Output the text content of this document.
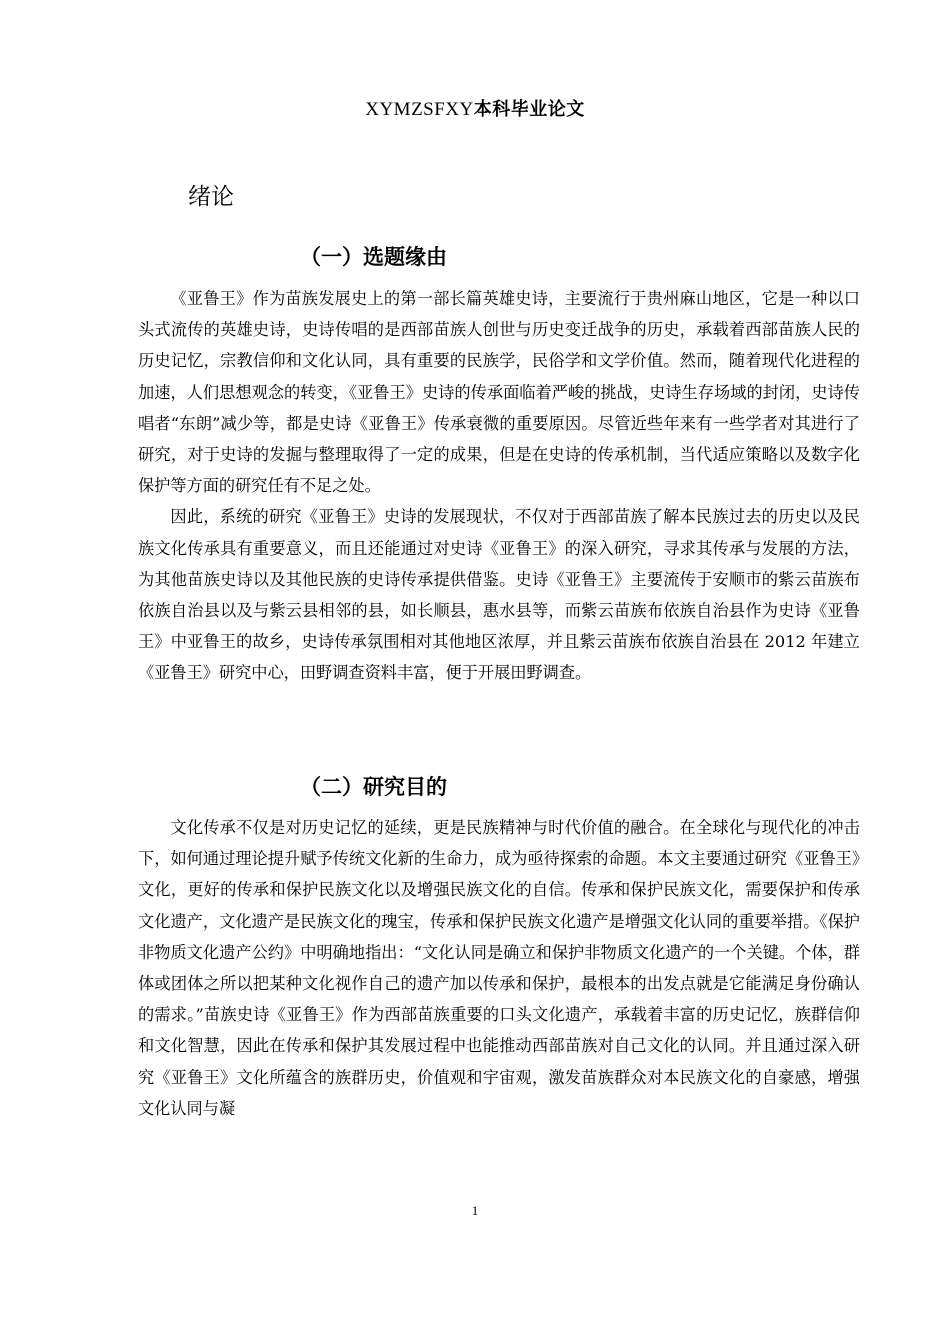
XYMZSFXY本科毕业论文
绪论
（一）选题缘由

《亚鲁王》作为苗族发展史上的第一部长篇英雄史诗，主要流行于贵州麻山地区，它是一种以口头式流传的英雄史诗，史诗传唱的是西部苗族人创世与历史变迁战争的历史，承载着西部苗族人民的历史记忆，宗教信仰和文化认同，具有重要的民族学，民俗学和文学价值。然而，随着现代化进程的加速，人们思想观念的转变，《亚鲁王》史诗的传承面临着严峻的挑战，史诗生存场域的封闭，史诗传唱者“东朗”减少等，都是史诗《亚鲁王》传承衰微的重要原因。尽管近些年来有一些学者对其进行了研究，对于史诗的发掘与整理取得了一定的成果，但是在史诗的传承机制，当代适应策略以及数字化保护等方面的研究任有不足之处。

因此，系统的研究《亚鲁王》史诗的发展现状，不仅对于西部苗族了解本民族过去的历史以及民族文化传承具有重要意义，而且还能通过对史诗《亚鲁王》的深入研究，寻求其传承与发展的方法，为其他苗族史诗以及其他民族的史诗传承提供借鉴。史诗《亚鲁王》主要流传于安顺市的紫云苗族布依族自治县以及与紫云县相邻的县，如长顺县，惠水县等，而紫云苗族布依族自治县作为史诗《亚鲁王》中亚鲁王的故乡，史诗传承氛围相对其他地区浓厚，并且紫云苗族布依族自治县在 2012 年建立《亚鲁王》研究中心，田野调查资料丰富，便于开展田野调查。

（二）研究目的

文化传承不仅是对历史记忆的延续，更是民族精神与时代价值的融合。在全球化与现代化的冲击下，如何通过理论提升赋予传统文化新的生命力，成为亟待探索的命题。本文主要通过研究《亚鲁王》文化，更好的传承和保护民族文化以及增强民族文化的自信。传承和保护民族文化，需要保护和传承文化遗产，文化遗产是民族文化的瑰宝，传承和保护民族文化遗产是增强文化认同的重要举措。《保护非物质文化遗产公约》中明确地指出：“文化认同是确立和保护非物质文化遗产的一个关键。个体，群体或团体之所以把某种文化视作自己的遗产加以传承和保护，最根本的出发点就是它能满足身份确认的需求。”苗族史诗《亚鲁王》作为西部苗族重要的口头文化遗产，承载着丰富的历史记忆，族群信仰和文化智慧，因此在传承和保护其发展过程中也能推动西部苗族对自己文化的认同。并且通过深入研究《亚鲁王》文化所蕴含的族群历史，价值观和宇宙观，激发苗族群众对本民族文化的自豪感，增强文化认同与凝

1
